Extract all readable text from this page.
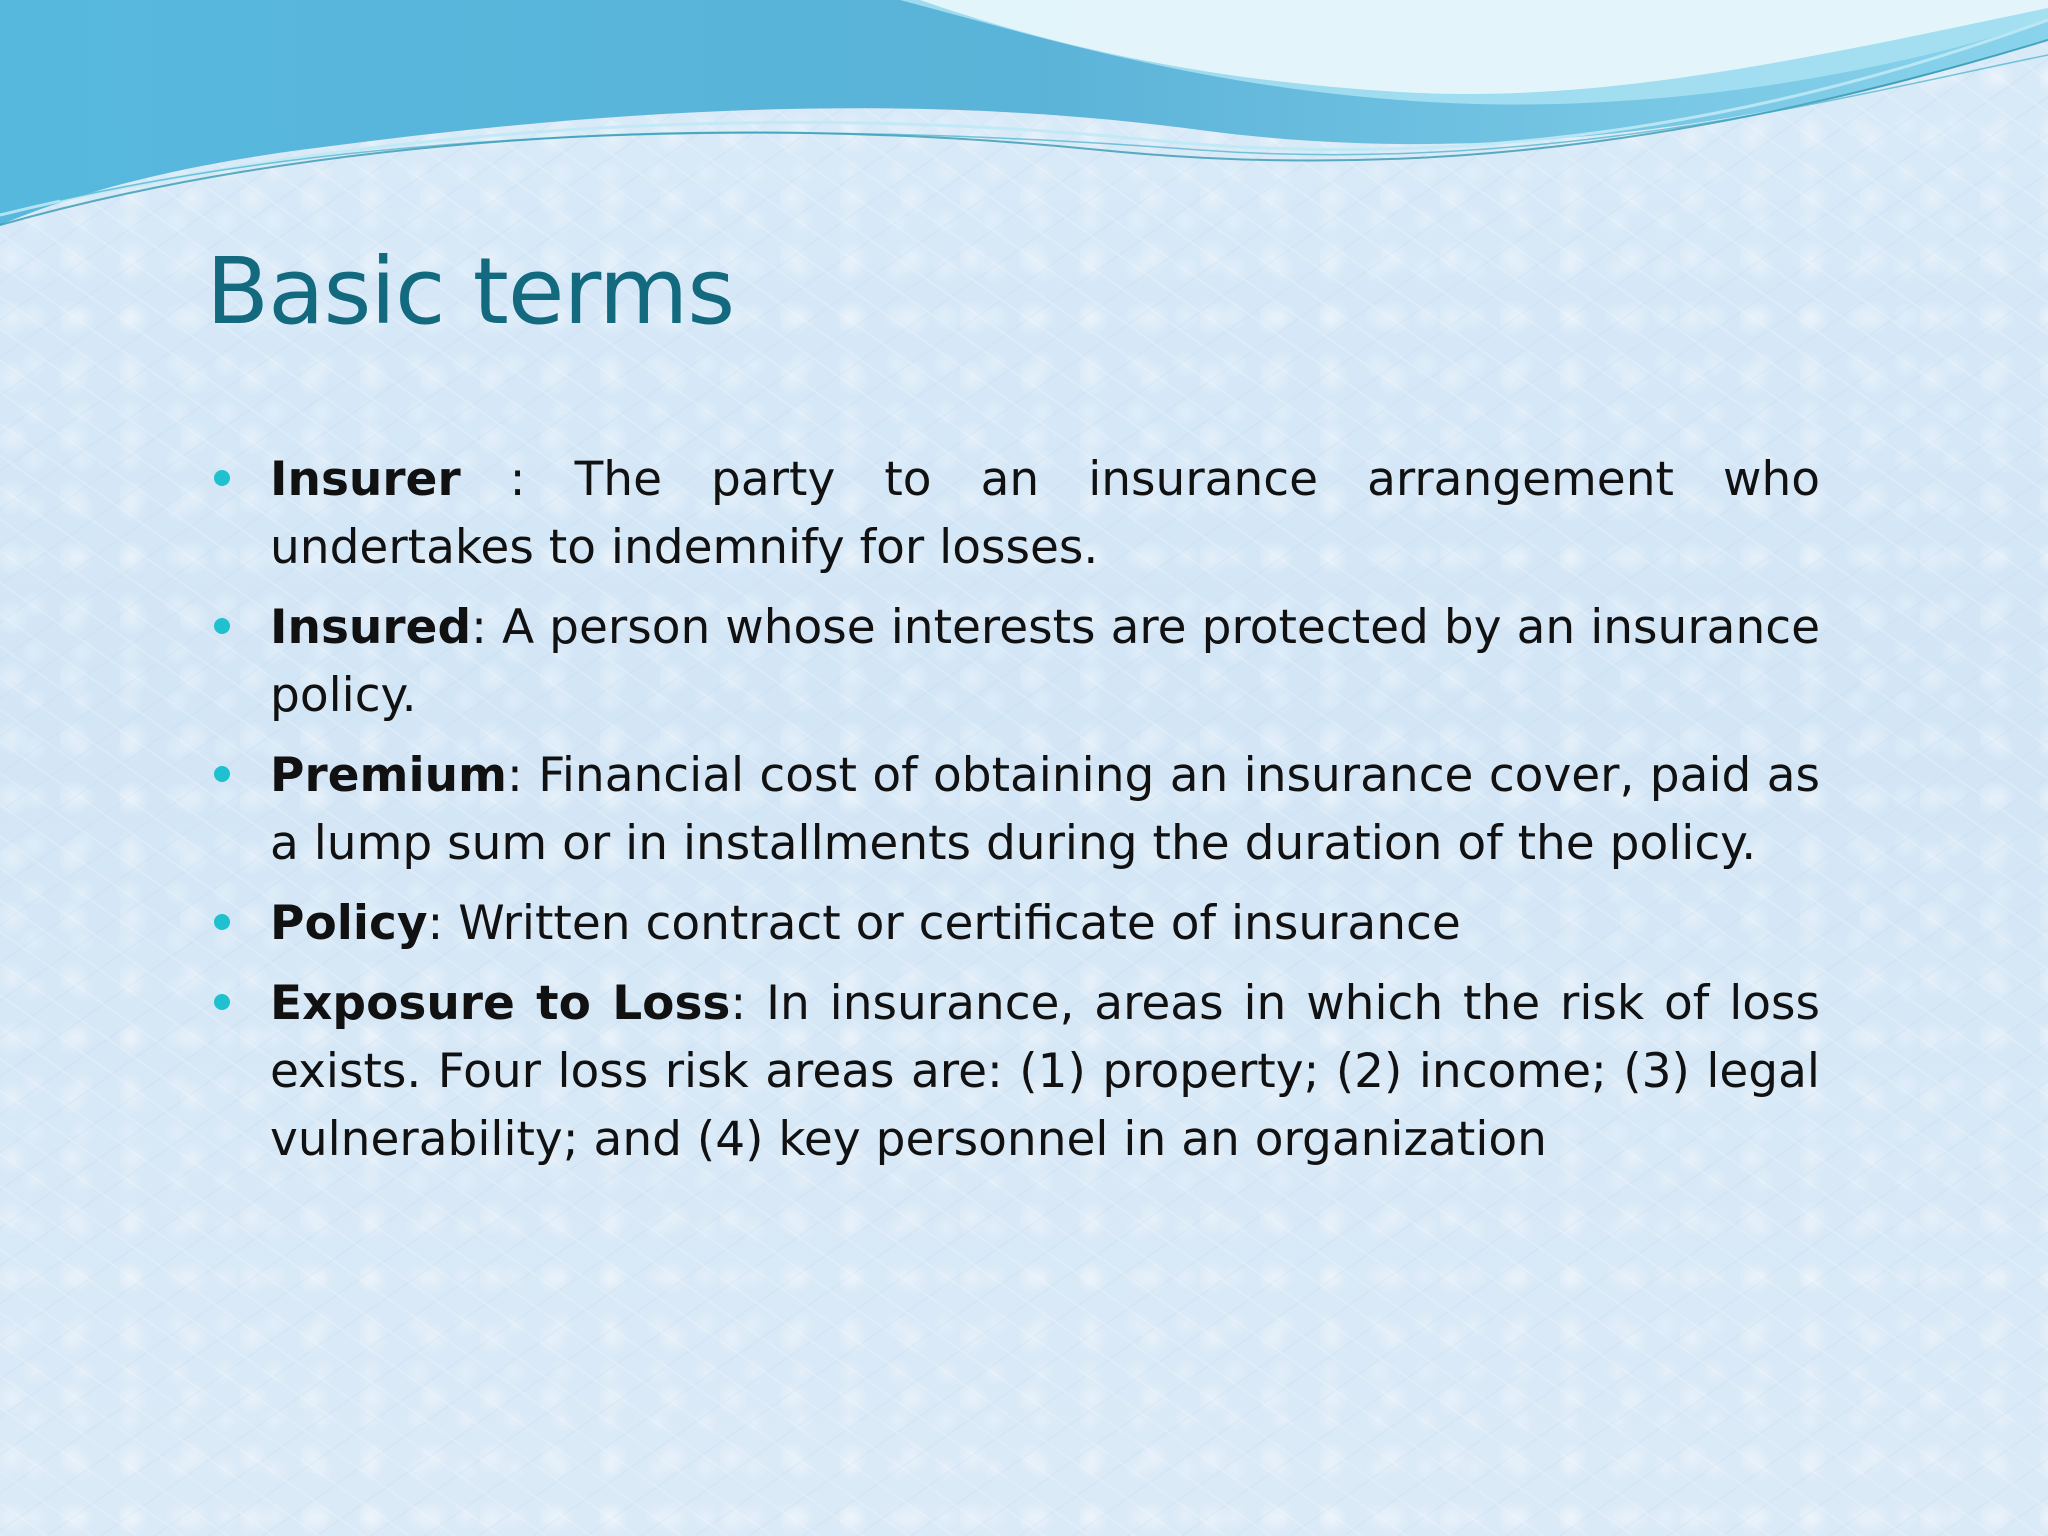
Basic terms
Insurer : The party to an insurance arrangement who undertakes to indemnify for losses.
Insured: A person whose interests are protected by an insurance policy.
Premium: Financial cost of obtaining an insurance cover, paid as a lump sum or in installments during the duration of the policy.
Policy: Written contract or certificate of insurance
Exposure to Loss: In insurance, areas in which the risk of loss exists. Four loss risk areas are: (1) property; (2) income; (3) legal vulnerability; and (4) key personnel in an organization
